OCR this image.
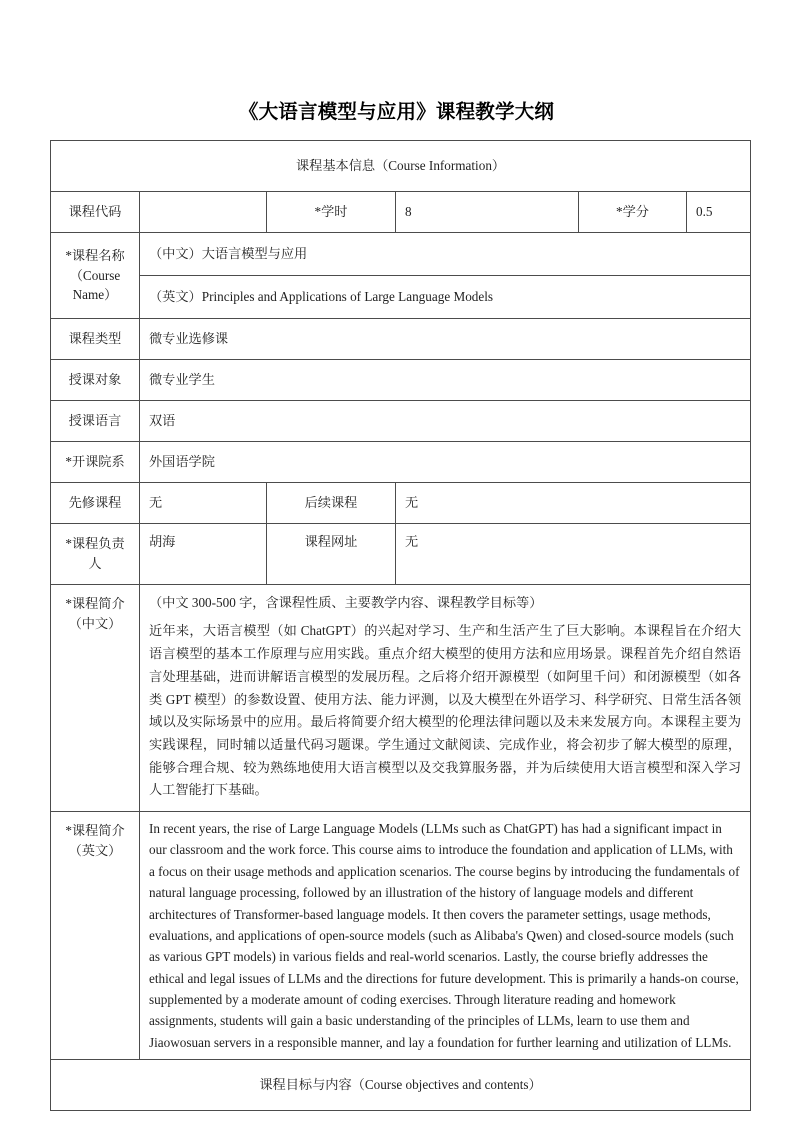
《大语言模型与应用》课程教学大纲
课程基本信息（Course Information）					
课程代码		*学时	8	*学分	0.5
*课程名称
（Course
Name）	（中文）大语言模型与应用				
	（英文）Principles and Applications of Large Language Models				
课程类型	微专业选修课				
授课对象	微专业学生				
授课语言	双语				
*开课院系	外国语学院				
先修课程	无	后续课程	无		
*课程负责
人	胡海	课程网址	无		
*课程简介
（中文）	

（中文 300-500 字，含课程性质、主要教学内容、课程教学目标等）

近年来，大语言模型（如 ChatGPT）的兴起对学习、生产和生活产生了巨大影响。本课程旨在介绍大语言模型的基本工作原理与应用实践。重点介绍大模型的使用方法和应用场景。课程首先介绍自然语言处理基础，进而讲解语言模型的发展历程。之后将介绍开源模型（如阿里千问）和闭源模型（如各类 GPT 模型）的参数设置、使用方法、能力评测，以及大模型在外语学习、科学研究、日常生活各领域以及实际场景中的应用。最后将简要介绍大模型的伦理法律问题以及未来发展方向。本课程主要为实践课程，同时辅以适量代码习题课。学生通过文献阅读、完成作业，将会初步了解大模型的原理，能够合理合规、较为熟练地使用大语言模型以及交我算服务器，并为后续使用大语言模型和深入学习人工智能打下基础。

*课程简介
（英文）	In recent years, the rise of Large Language Models (LLMs such as ChatGPT) has had a significant impact in our classroom and the work force. This course aims to introduce the foundation and application of LLMs, with a focus on their usage methods and application scenarios. The course begins by introducing the fundamentals of natural language processing, followed by an illustration of the history of language models and different architectures of Transformer-based language models. It then covers the parameter settings, usage methods, evaluations, and applications of open-source models (such as Alibaba's Qwen) and closed-source models (such as various GPT models) in various fields and real-world scenarios. Lastly, the course briefly addresses the ethical and legal issues of LLMs and the directions for future development. This is primarily a hands-on course, supplemented by a moderate amount of coding exercises. Through literature reading and homework assignments, students will gain a basic understanding of the principles of LLMs, learn to use them and Jiaowosuan servers in a responsible manner, and lay a foundation for further learning and utilization of LLMs.				

课程目标与内容（Course objectives and contents）					
